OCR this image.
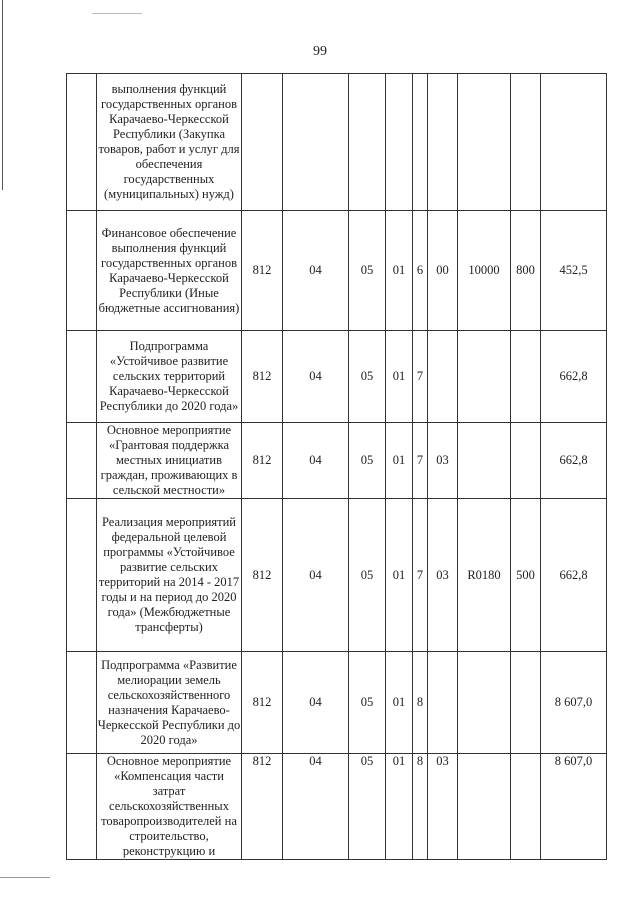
99
	выполнения функций государственных органов Карачаево-Черкесской Республики (Закупка товаров, работ и услуг для обеспечения государственных (муниципальных) нужд)									
	Финансовое обеспечение выполнения функций государственных органов Карачаево-Черкесской Республики (Иные бюджетные ассигнования)	812	04	05	01	6	00	10000	800	452,5
	Подпрограмма «Устойчивое развитие сельских территорий Карачаево-Черкесской Республики до 2020 года»	812	04	05	01	7				662,8
	Основное мероприятие «Грантовая поддержка местных инициатив граждан, проживающих в сельской местности»	812	04	05	01	7	03			662,8
	Реализация мероприятий федеральной целевой программы «Устойчивое развитие сельских территорий на 2014 - 2017 годы и на период до 2020 года» (Межбюджетные трансферты)	812	04	05	01	7	03	R0180	500	662,8
	Подпрограмма «Развитие мелиорации земель сельскохозяйственного назначения Карачаево-Черкесской Республики до 2020 года»	812	04	05	01	8				8 607,0
	Основное мероприятие «Компенсация части затрат сельскохозяйственных товаропроизводителей на строительство, реконструкцию и	812	04	05	01	8	03			8 607,0
